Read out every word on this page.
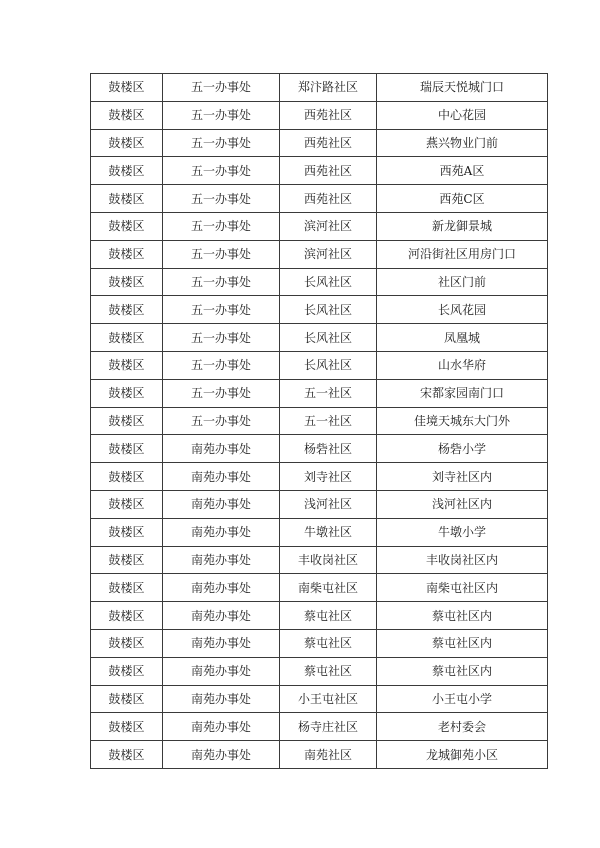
鼓楼区	五一办事处	郑汴路社区	瑞辰天悦城门口
鼓楼区	五一办事处	西苑社区	中心花园
鼓楼区	五一办事处	西苑社区	燕兴物业门前
鼓楼区	五一办事处	西苑社区	西苑A区
鼓楼区	五一办事处	西苑社区	西苑C区
鼓楼区	五一办事处	滨河社区	新龙御景城
鼓楼区	五一办事处	滨河社区	河沿街社区用房门口
鼓楼区	五一办事处	长风社区	社区门前
鼓楼区	五一办事处	长风社区	长风花园
鼓楼区	五一办事处	长风社区	凤凰城
鼓楼区	五一办事处	长风社区	山水华府
鼓楼区	五一办事处	五一社区	宋都家园南门口
鼓楼区	五一办事处	五一社区	佳境天城东大门外
鼓楼区	南苑办事处	杨砦社区	杨砦小学
鼓楼区	南苑办事处	刘寺社区	刘寺社区内
鼓楼区	南苑办事处	浅河社区	浅河社区内
鼓楼区	南苑办事处	牛墩社区	牛墩小学
鼓楼区	南苑办事处	丰收岗社区	丰收岗社区内
鼓楼区	南苑办事处	南柴屯社区	南柴屯社区内
鼓楼区	南苑办事处	蔡屯社区	蔡屯社区内
鼓楼区	南苑办事处	蔡屯社区	蔡屯社区内
鼓楼区	南苑办事处	蔡屯社区	蔡屯社区内
鼓楼区	南苑办事处	小王屯社区	小王屯小学
鼓楼区	南苑办事处	杨寺庄社区	老村委会
鼓楼区	南苑办事处	南苑社区	龙城御苑小区
